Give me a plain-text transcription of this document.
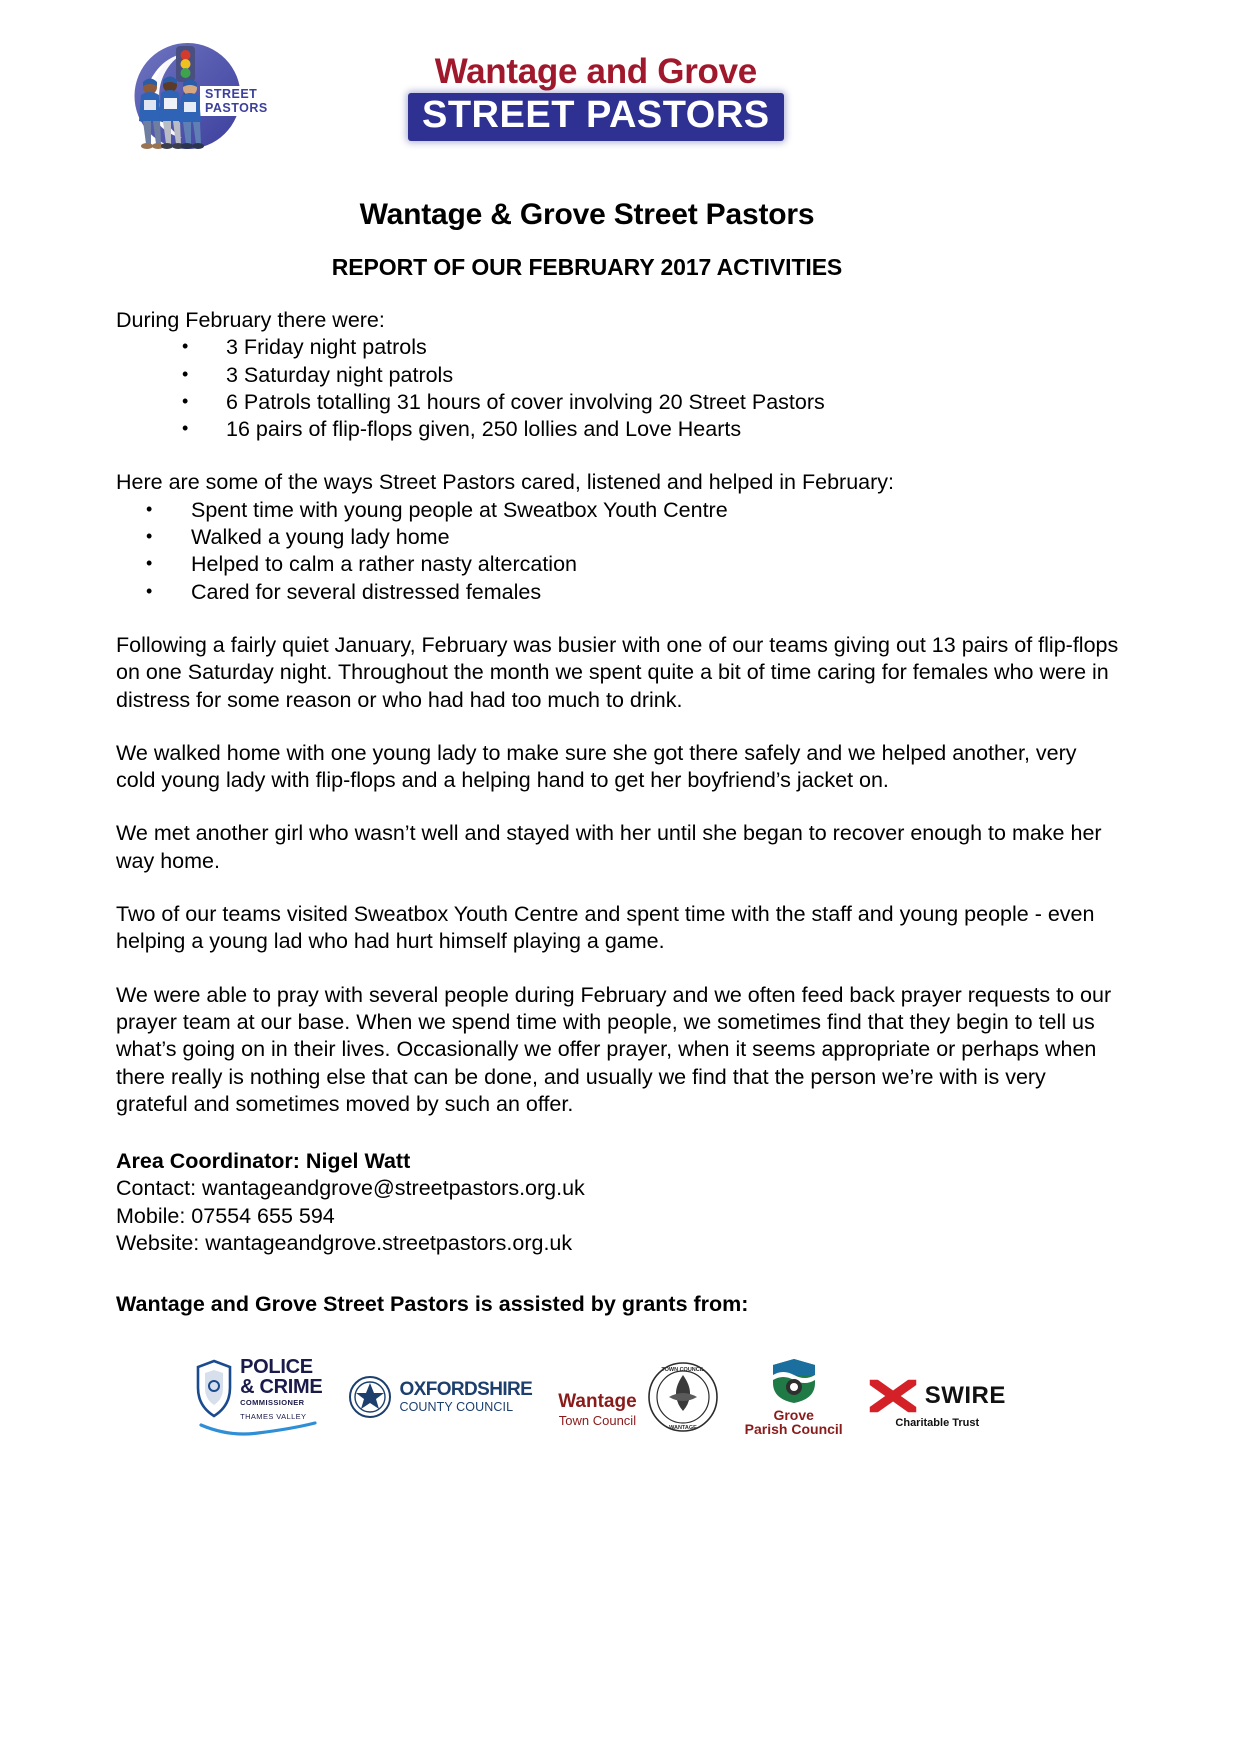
STREET
PASTORS
Wantage and Grove
STREET PASTORS
Wantage & Grove Street Pastors
REPORT OF OUR FEBRUARY 2017 ACTIVITIES
During February there were:
•	3 Friday night patrols
•	3 Saturday night patrols
•	6 Patrols totalling 31 hours of cover involving 20 Street Pastors
•	16 pairs of flip-flops given, 250 lollies and Love Hearts
Here are some of the ways Street Pastors cared, listened and helped in February:
•	Spent time with young people at Sweatbox Youth Centre
•	Walked a young lady home
•	Helped to calm a rather nasty altercation
•	Cared for several distressed females

Following a fairly quiet January, February was busier with one of our teams giving out 13 pairs of flip-flops on one Saturday night. Throughout the month we spent quite a bit of time caring for females who were in distress for some reason or who had had too much to drink.

We walked home with one young lady to make sure she got there safely and we helped another, very cold young lady with flip-flops and a helping hand to get her boyfriend’s jacket on.

We met another girl who wasn’t well and stayed with her until she began to recover enough to make her way home.

Two of our teams visited Sweatbox Youth Centre and spent time with the staff and young people - even helping a young lad who had hurt himself playing a game.

We were able to pray with several people during February and we often feed back prayer requests to our prayer team at our base. When we spend time with people, we sometimes find that they begin to tell us what’s going on in their lives. Occasionally we offer prayer, when it seems appropriate or perhaps when there really is nothing else that can be done, and usually we find that the person we’re with is very grateful and sometimes moved by such an offer.

Area Coordinator: Nigel Watt
Contact: wantageandgrove@streetpastors.org.uk
Mobile: 07554 655 594
Website: wantageandgrove.streetpastors.org.uk
Wantage and Grove Street Pastors is assisted by grants from:
POLICE
& CRIME
COMMISSIONER
THAMES VALLEY
OXFORDSHIRE
COUNTY COUNCIL	Wantage
Town Council
TOWN COUNCIL
WANTAGE
Grove
Parish Council
SWIRE
Charitable Trust
